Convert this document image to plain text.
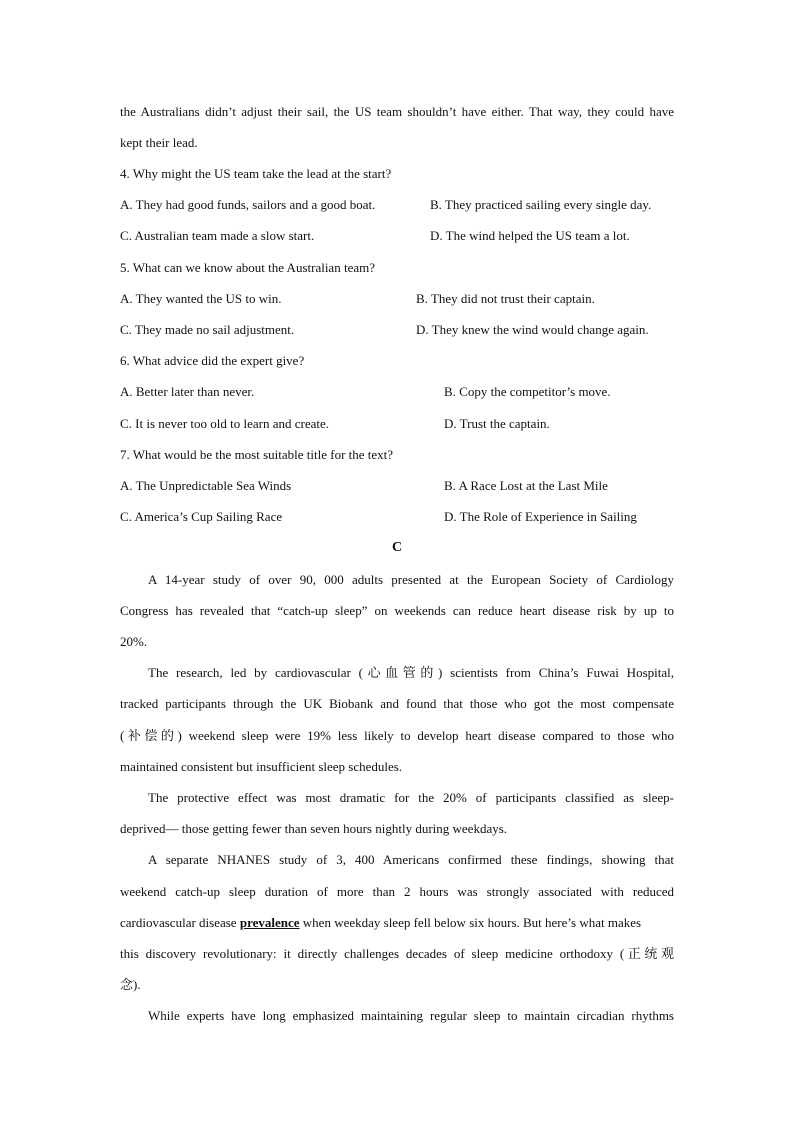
the Australians didn’t adjust their sail, the US team shouldn’t have either. That way, they could have
kept their lead.
4. Why might the US team take the lead at the start?
A. They had good funds, sailors and a good boat.	B. They practiced sailing every single day.
C. Australian team made a slow start.	D. The wind helped the US team a lot.
5. What can we know about the Australian team?
A. They wanted the US to win.	B. They did not trust their captain.
C. They made no sail adjustment.	D. They knew the wind would change again.
6. What advice did the expert give?
A. Better later than never.	B. Copy the competitor’s move.
C. It is never too old to learn and create.	D. Trust the captain.
7. What would be the most suitable title for the text?
A. The Unpredictable Sea Winds	B. A Race Lost at the Last Mile
C. America’s Cup Sailing Race	D. The Role of Experience in Sailing
C
A 14-year study of over 90, 000 adults presented at the European Society of Cardiology
Congress has revealed that “catch-up sleep” on weekends can reduce heart disease risk by up to
20%.
The research, led by cardiovascular (心血管的) scientists from China’s Fuwai Hospital,
tracked participants through the UK Biobank and found that those who got the most compensate
(补偿的) weekend sleep were 19% less likely to develop heart disease compared to those who
maintained consistent but insufficient sleep schedules.
The protective effect was most dramatic for the 20% of participants classified as sleep-
deprived— those getting fewer than seven hours nightly during weekdays.
A separate NHANES study of 3, 400 Americans confirmed these findings, showing that
weekend catch-up sleep duration of more than 2 hours was strongly associated with reduced
cardiovascular disease prevalence when weekday sleep fell below six hours. But here’s what makes
this discovery revolutionary: it directly challenges decades of sleep medicine orthodoxy (正统观
念).
While experts have long emphasized maintaining regular sleep to maintain circadian rhythms
